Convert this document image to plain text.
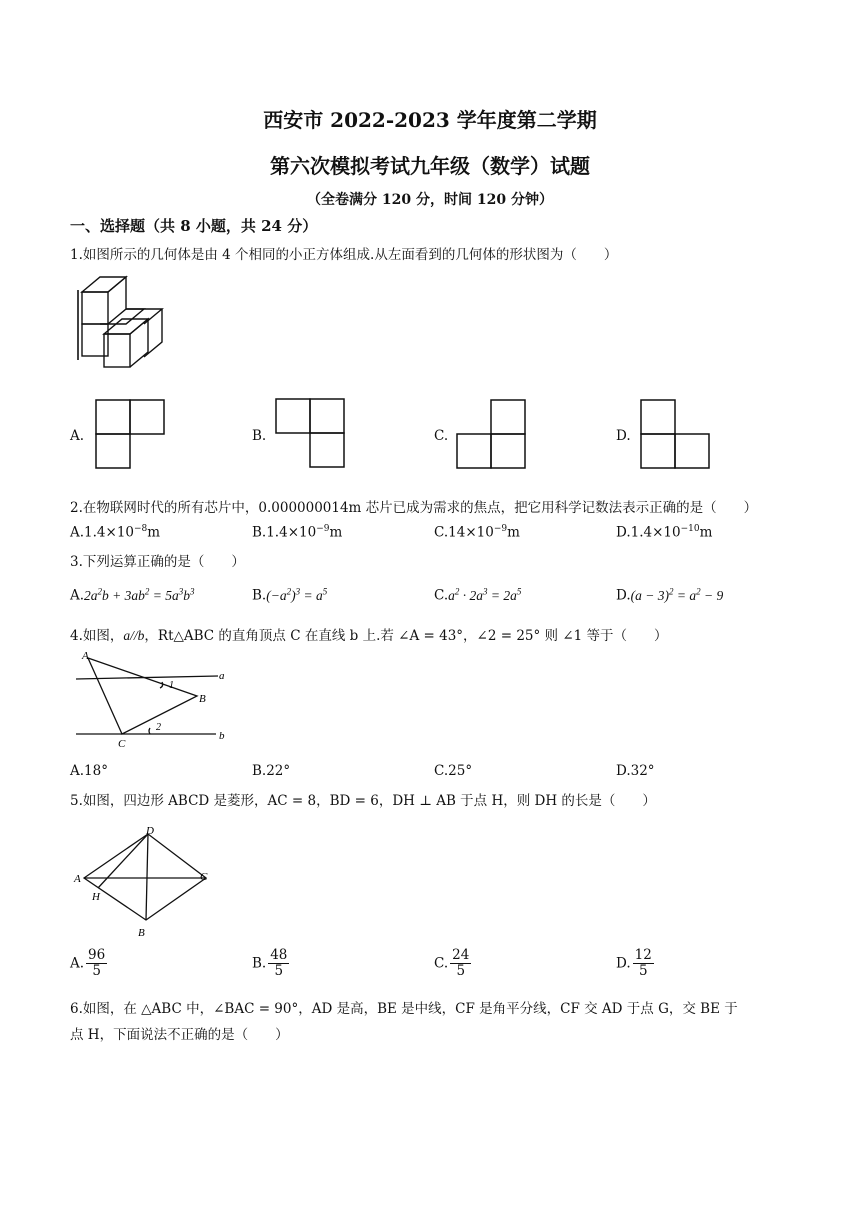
西安市 2022-2023 学年度第二学期
第六次模拟考试九年级（数学）试题
（全卷满分 120 分，时间 120 分钟）
一、选择题（共 8 小题，共 24 分）
1.如图所示的几何体是由 4 个相同的小正方体组成.从左面看到的几何体的形状图为（　　）
A.	B.	C.	D.
2.在物联网时代的所有芯片中，0.000000014m 芯片已成为需求的焦点，把它用科学记数法表示正确的是（　　）
$A.1.4\times 10^{-8}m$	$B.1.4\times 10^{-9}m$	$C.14\times 10^{-9}m$	$D.1.4\times 10^{-10}m$
3.下列运算正确的是（　　）
$A.2a^2b + 3ab^2 = 5a^3b^3$	$B.(-a^2)^3 = a^5$	$C.a^2 \cdot 2a^3 = 2a^5$	$D.(a - 3)^2 = a^2 - 9$
4.如图，a//b，Rt△ABC 的直角顶点 C 在直线 b 上.若 ∠A = 43°，∠2 = 25° 则 ∠1 等于（　　）
A
B
C
a
b
1
2
A.18°	B.22°	C.25°	D.32°
5.如图，四边形 ABCD 是菱形，AC = 8，BD = 6，DH ⊥ AB 于点 H，则 DH 的长是（　　）
A
B
C
D
H
A. $\frac{96}{5}$	B. $\frac{48}{5}$	C. $\frac{24}{5}$	D. $\frac{12}{5}$
6.如图，在 △ABC 中，∠BAC = 90°，AD 是高，BE 是中线，CF 是角平分线，CF 交 AD 于点 G，交 BE 于
点 H，下面说法不正确的是（　　）
